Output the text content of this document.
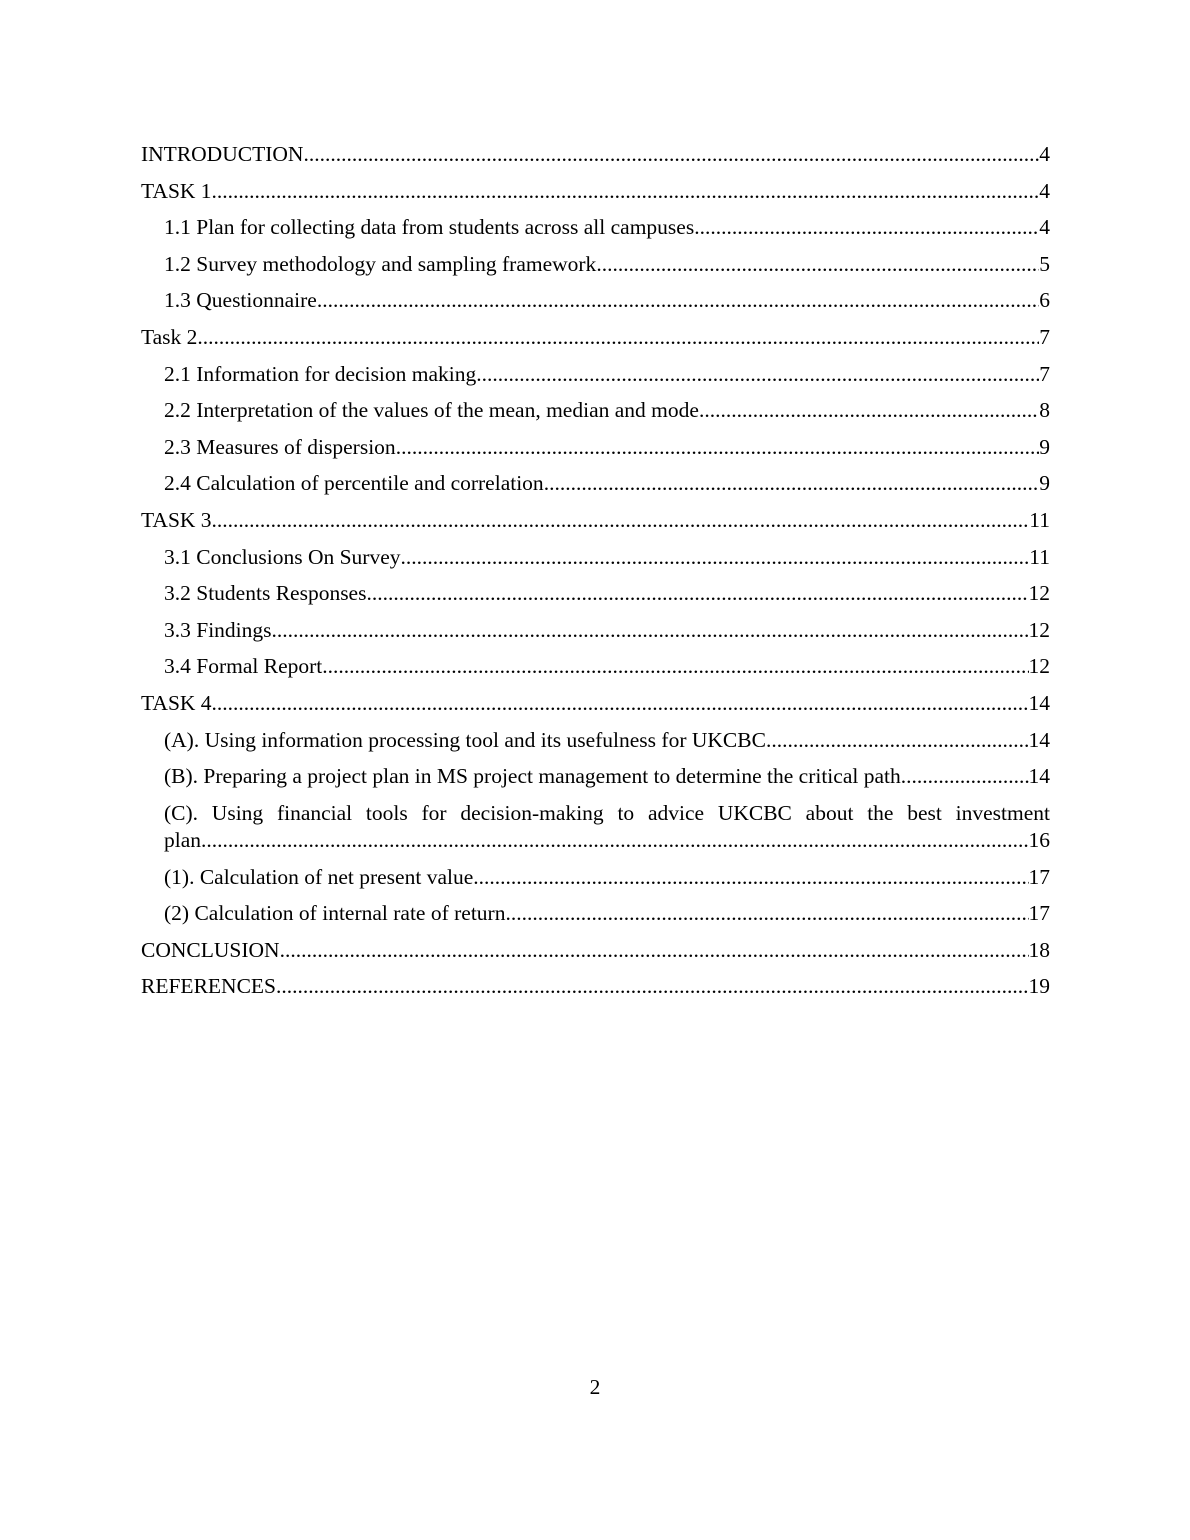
INTRODUCTION .....	4
TASK 1 .....	4
1.1 Plan for collecting data from students across all campuses .....	4
1.2 Survey methodology and sampling framework .....	5
1.3 Questionnaire .....	6
Task 2 .....	7
2.1 Information for decision making .....	7
2.2 Interpretation of the values of the mean, median and mode .....	8
2.3 Measures of dispersion .....	9
2.4 Calculation of percentile and correlation .....	9
TASK 3 .....	11
3.1 Conclusions On Survey .....	11
3.2 Students Responses .....	12
3.3 Findings .....	12
3.4 Formal Report .....	12
TASK 4 .....	14
(A). Using information processing tool and its usefulness for UKCBC .....	14
(B). Preparing a project plan in MS project management to determine the critical path .....	14
(C). Using financial tools for decision-making to advice UKCBC about the best investment
plan .....	16
(1). Calculation of net present value .....	17
(2) Calculation of internal rate of return .....	17
CONCLUSION .....	18
REFERENCES .....	19
2
